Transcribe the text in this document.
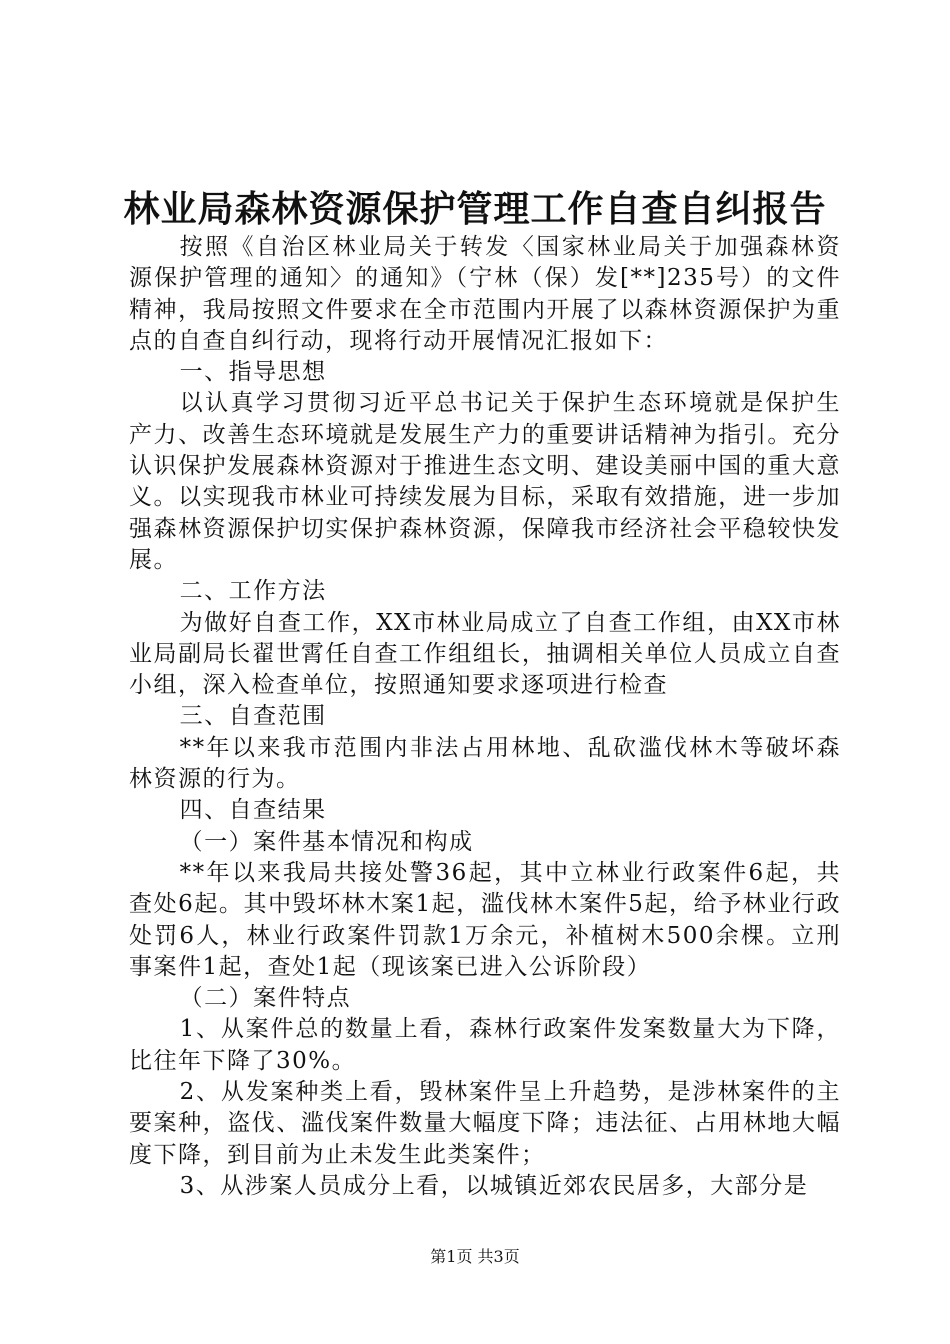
林业局森林资源保护管理工作自查自纠报告

按照《自治区林业局关于转发〈国家林业局关于加强森林资源保护管理的通知〉的通知》（宁林（保）发[**]235号）的文件精神，我局按照文件要求在全市范围内开展了以森林资源保护为重点的自查自纠行动，现将行动开展情况汇报如下：

一、指导思想

以认真学习贯彻习近平总书记关于保护生态环境就是保护生产力、改善生态环境就是发展生产力的重要讲话精神为指引。充分认识保护发展森林资源对于推进生态文明、建设美丽中国的重大意义。以实现我市林业可持续发展为目标，采取有效措施，进一步加强森林资源保护切实保护森林资源，保障我市经济社会平稳较快发展。

二、工作方法

为做好自查工作，XX市林业局成立了自查工作组，由XX市林业局副局长翟世霄任自查工作组组长，抽调相关单位人员成立自查小组，深入检查单位，按照通知要求逐项进行检查

三、自查范围

**年以来我市范围内非法占用林地、乱砍滥伐林木等破坏森林资源的行为。

四、自查结果

（一）案件基本情况和构成

**年以来我局共接处警36起，其中立林业行政案件6起，共查处6起。其中毁坏林木案1起，滥伐林木案件5起，给予林业行政处罚6人，林业行政案件罚款1万余元，补植树木500余棵。立刑事案件1起，查处1起（现该案已进入公诉阶段）

（二）案件特点

1、从案件总的数量上看，森林行政案件发案数量大为下降，比往年下降了30%。

2、从发案种类上看，毁林案件呈上升趋势，是涉林案件的主要案种，盗伐、滥伐案件数量大幅度下降；违法征、占用林地大幅度下降，到目前为止未发生此类案件；

3、从涉案人员成分上看，以城镇近郊农民居多，大部分是

第1页 共3页
